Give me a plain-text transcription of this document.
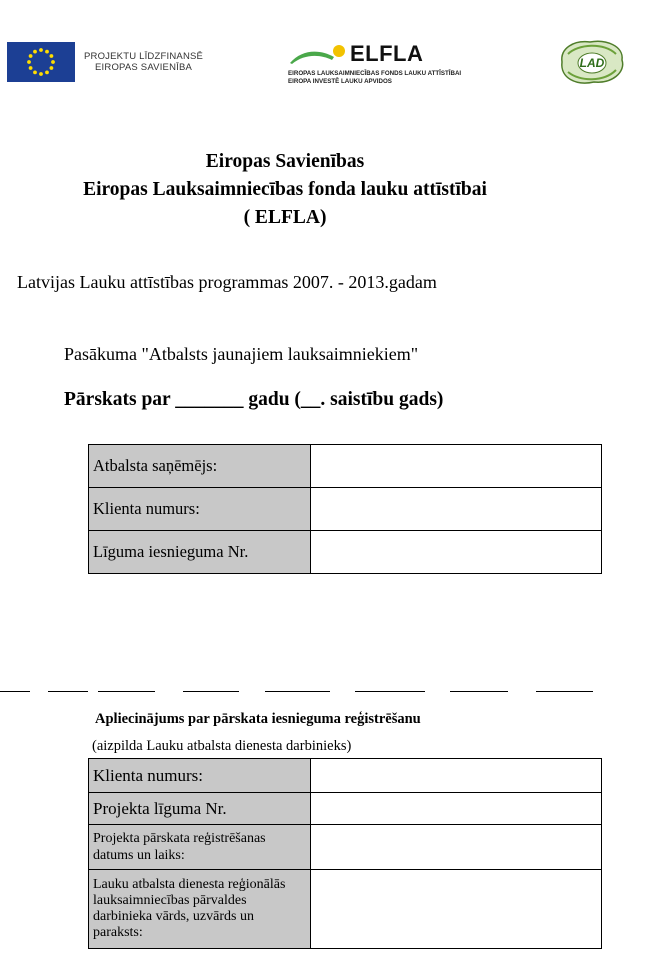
PROJEKTU LĪDZFINANSĒ
EIROPAS SAVIENĪBA
ELFLA
EIROPAS LAUKSAIMNIECĪBAS FONDS LAUKU ATTĪSTĪBAI
EIROPA INVESTĒ LAUKU APVIDOS
LAD
Eiropas Savienības
Eiropas Lauksaimniecības fonda lauku attīstībai
( ELFLA)
Latvijas Lauku attīstības programmas 2007. - 2013.gadam
Pasākuma "Atbalsts jaunajiem lauksaimniekiem"
Pārskats par _______ gadu (__. saistību gads)
Atbalsta saņēmējs:	
Klienta numurs:	
Līguma iesnieguma Nr.	
Apliecinājums par pārskata iesnieguma reģistrēšanu
(aizpilda Lauku atbalsta dienesta darbinieks)
Klienta numurs:	
Projekta līguma Nr.	
Projekta pārskata reģistrēšanas datums un laiks:	
Lauku atbalsta dienesta reģionālās lauksaimniecības pārvaldes darbinieka vārds, uzvārds un paraksts:	
